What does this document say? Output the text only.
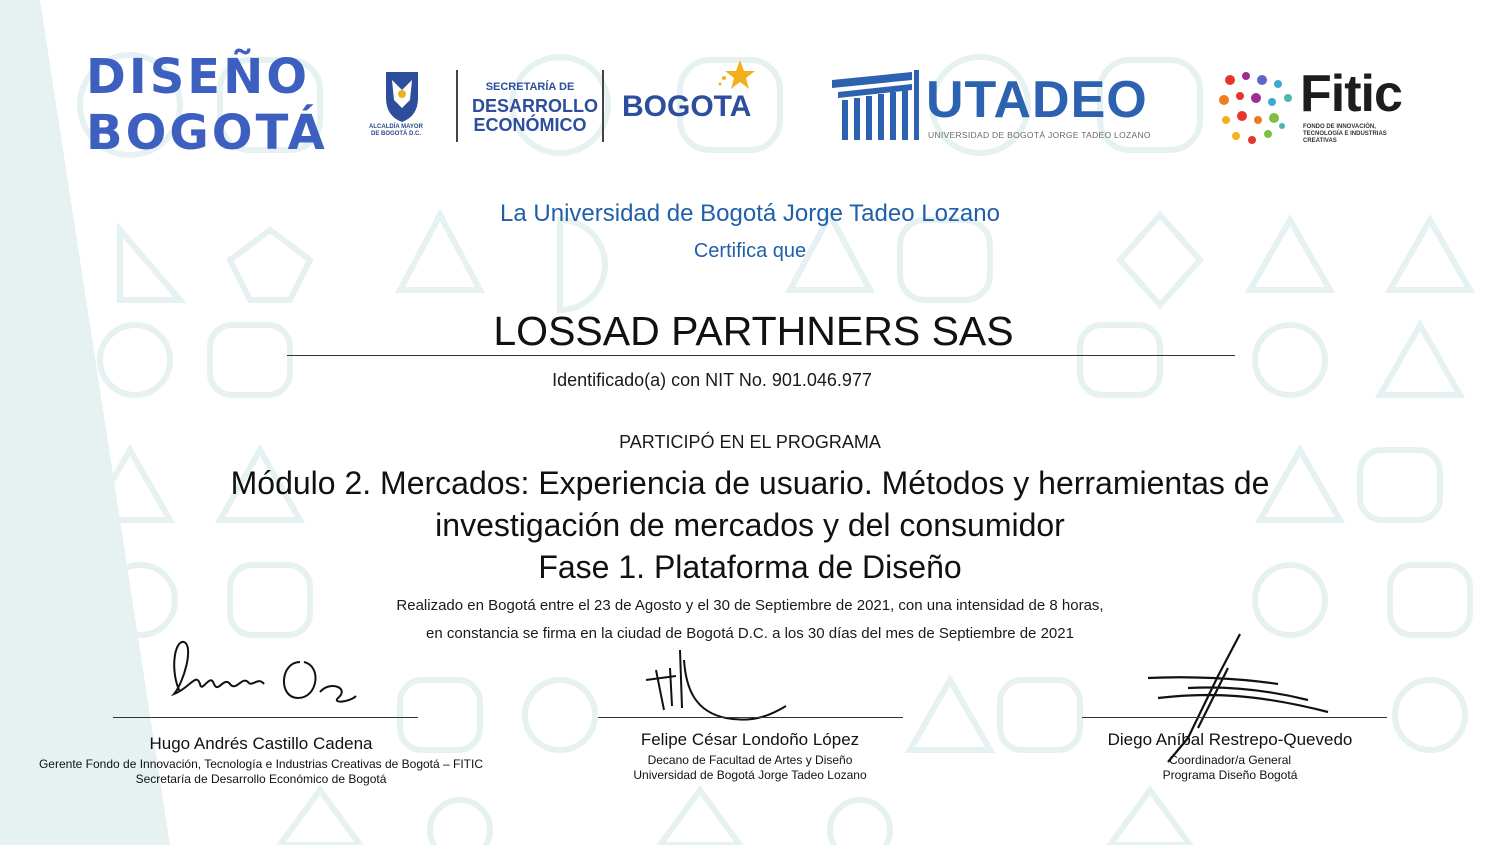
DISEÑO
BOGOTÁ	ALCALDÍA MAYOR DE BOGOTÁ D.C.
SECRETARÍA DE
DESARROLLO
ECONÓMICO
BOGOTA	UTADEO
UNIVERSIDAD DE BOGOTÁ JORGE TADEO LOZANO
Fitic
FONDO DE INNOVACIÓN,
TECNOLOGÍA E INDUSTRIAS
CREATIVAS
La Universidad de Bogotá Jorge Tadeo Lozano
Certifica que
LOSSAD PARTHNERS SAS
Identificado(a) con NIT No. 901.046.977
PARTICIPÓ EN EL PROGRAMA
Módulo 2. Mercados: Experiencia de usuario. Métodos y herramientas de
investigación de mercados y del consumidor
Fase 1. Plataforma de Diseño
Realizado en Bogotá entre el 23 de Agosto y el 30 de Septiembre de 2021, con una intensidad de 8 horas,
en constancia se firma en la ciudad de Bogotá D.C. a los 30 días del mes de Septiembre de 2021
Hugo Andrés Castillo Cadena
Gerente Fondo de Innovación, Tecnología e Industrias Creativas de Bogotá – FITIC
Secretaría de Desarrollo Económico de Bogotá
Felipe César Londoño López
Decano de Facultad de Artes y Diseño
Universidad de Bogotá Jorge Tadeo Lozano
Diego Aníbal Restrepo-Quevedo
Coordinador/a General
Programa Diseño Bogotá
